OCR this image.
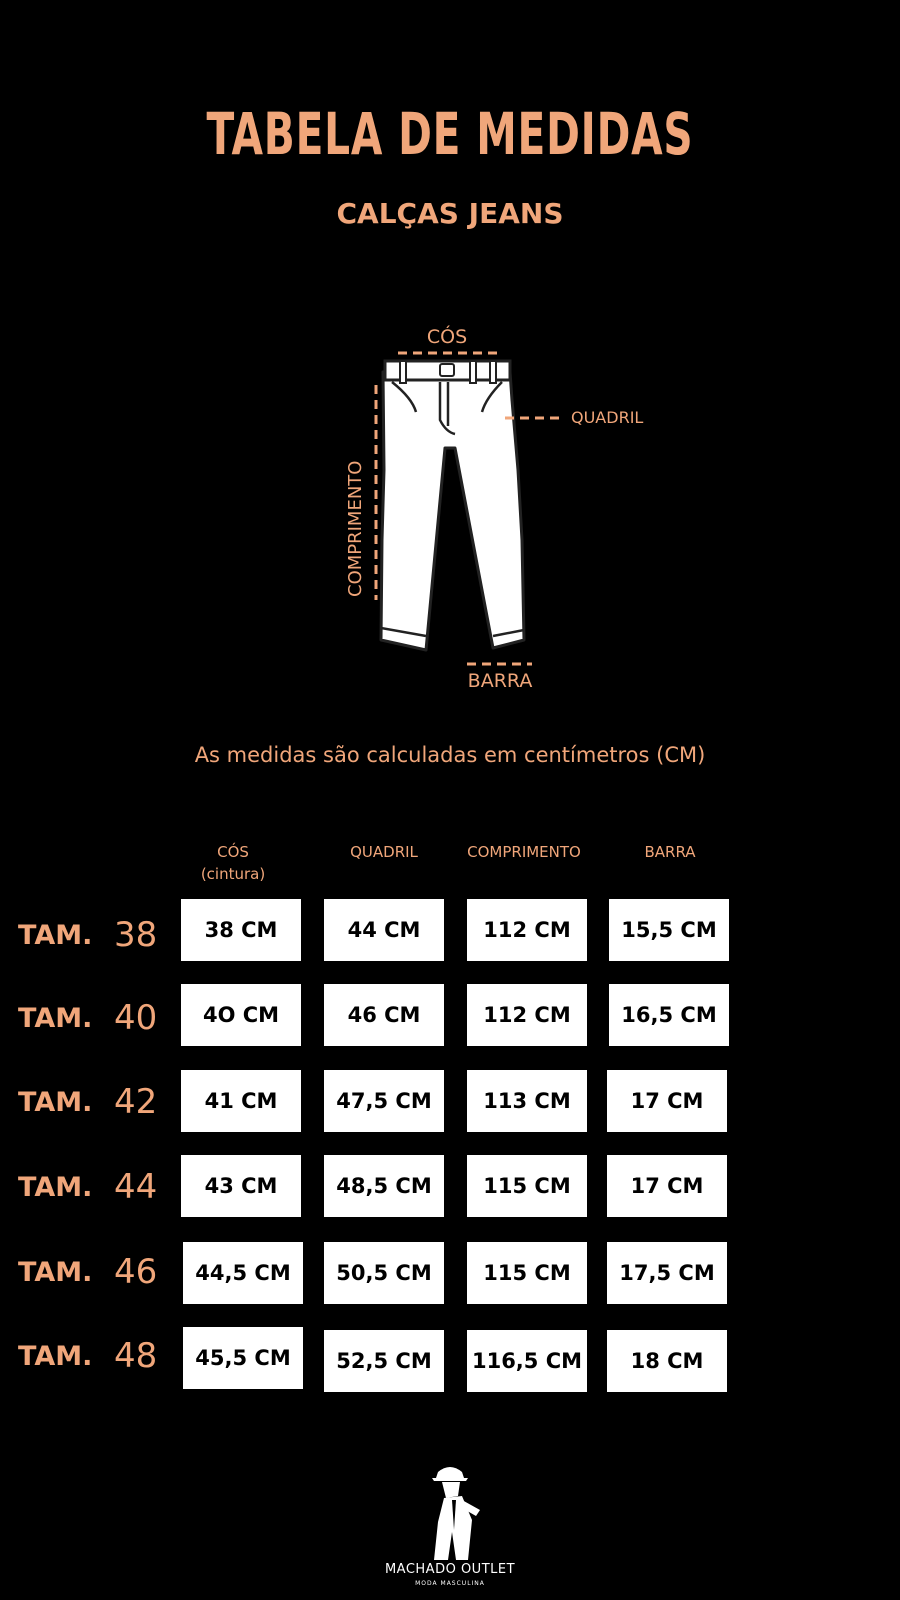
TABELA DE MEDIDAS
CALÇAS JEANS
CÓS
QUADRIL
COMPRIMENTO
BARRA
As medidas são calculadas em centímetros (CM)
CÓS
(cintura)
QUADRIL	COMPRIMENTO	BARRA
TAM. 38	38 CM	44 CM	112 CM	15,5 CM
TAM. 40	4O CM	46 CM	112 CM	16,5 CM
TAM. 42	41 CM	47,5 CM	113 CM	17 CM
TAM. 44	43 CM	48,5 CM	115 CM	17 CM
TAM. 46	44,5 CM	50,5 CM	115 CM	17,5 CM
TAM. 48	45,5 CM	52,5 CM	116,5 CM	18 CM
MACHADO OUTLET
MODA MASCULINA
